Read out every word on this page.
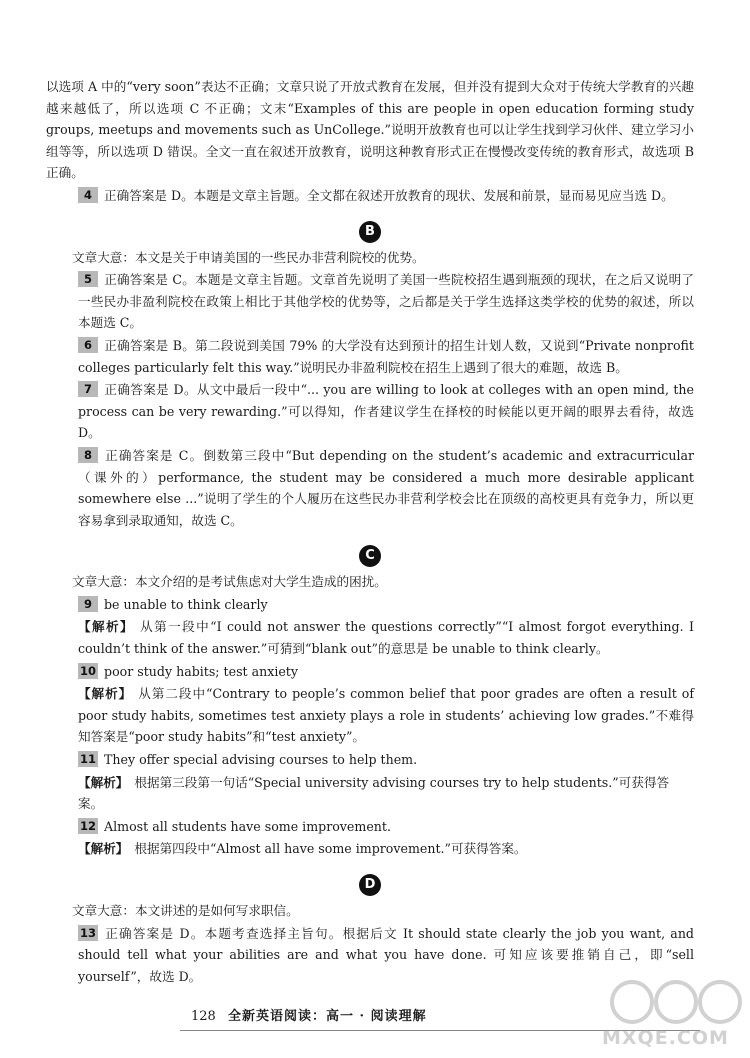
以选项 A 中的“very soon”表达不正确；文章只说了开放式教育在发展，但并没有提到大众对于传统大学教育的兴趣越来越低了，所以选项 C 不正确；文末“Examples of this are people in open education forming study groups, meetups and movements such as UnCollege.”说明开放教育也可以让学生找到学习伙伴、建立学习小组等等，所以选项 D 错误。全文一直在叙述开放教育，说明这种教育形式正在慢慢改变传统的教育形式，故选项 B 正确。

4 正确答案是 D。本题是文章主旨题。全文都在叙述开放教育的现状、发展和前景，显而易见应当选 D。

B

文章大意：本文是关于申请美国的一些民办非营利院校的优势。

5 正确答案是 C。本题是文章主旨题。文章首先说明了美国一些院校招生遇到瓶颈的现状，在之后又说明了一些民办非盈利院校在政策上相比于其他学校的优势等，之后都是关于学生选择这类学校的优势的叙述，所以本题选 C。

6 正确答案是 B。第二段说到美国 79% 的大学没有达到预计的招生计划人数，又说到“Private nonprofit colleges particularly felt this way.”说明民办非盈利院校在招生上遇到了很大的难题，故选 B。

7 正确答案是 D。从文中最后一段中“... you are willing to look at colleges with an open mind, the process can be very rewarding.”可以得知，作者建议学生在择校的时候能以更开阔的眼界去看待，故选 D。

8 正确答案是 C。倒数第三段中“But depending on the student’s academic and extracurricular（课外的）performance, the student may be considered a much more desirable applicant somewhere else ...”说明了学生的个人履历在这些民办非营利学校会比在顶级的高校更具有竞争力，所以更容易拿到录取通知，故选 C。

C

文章大意：本文介绍的是考试焦虑对大学生造成的困扰。

9 be unable to think clearly

【解析】 从第一段中“I could not answer the questions correctly”“I almost forgot everything. I couldn’t think of the answer.”可猜到“blank out”的意思是 be unable to think clearly。

10 poor study habits; test anxiety

【解析】 从第二段中“Contrary to people’s common belief that poor grades are often a result of poor study habits, sometimes test anxiety plays a role in students’ achieving low grades.”不难得知答案是“poor study habits”和“test anxiety”。

11 They offer special advising courses to help them.

【解析】 根据第三段第一句话“Special university advising courses try to help students.”可获得答案。

12 Almost all students have some improvement.

【解析】 根据第四段中“Almost all have some improvement.”可获得答案。

D

文章大意：本文讲述的是如何写求职信。

13 正确答案是 D。本题考查选择主旨句。根据后文 It should state clearly the job you want, and should tell what your abilities are and what you have done. 可知应该要推销自己，即“sell yourself”，故选 D。

128 全新英语阅读：高一 · 阅读理解
MXQE.COM
